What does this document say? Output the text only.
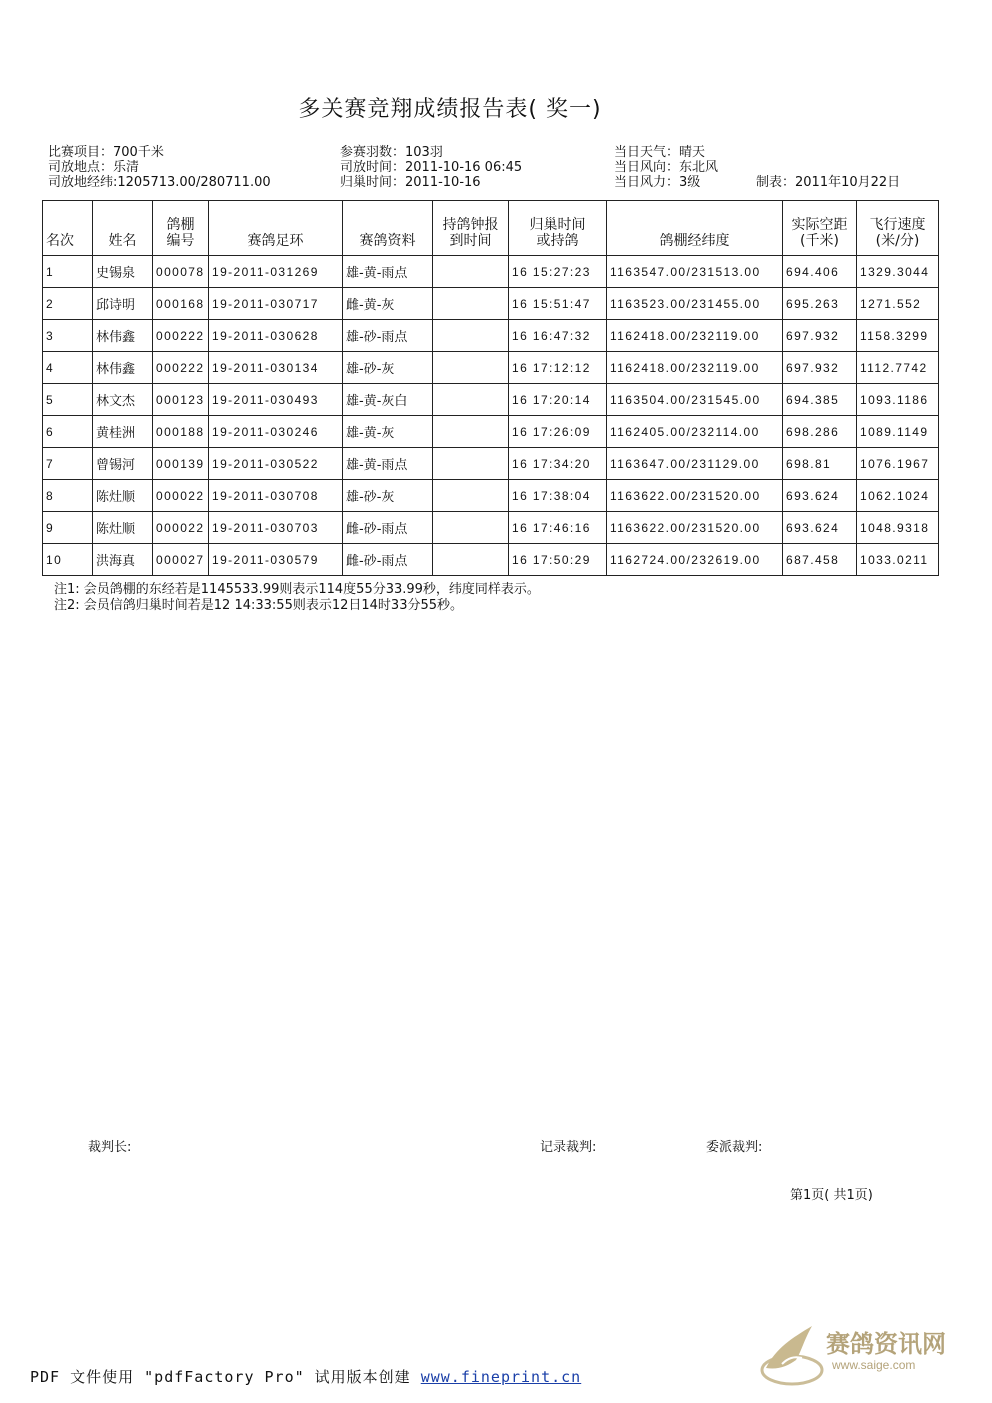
多关赛竞翔成绩报告表( 奖一)
比赛项目：700千米
司放地点：乐清
司放地经纬:1205713.00/280711.00
参赛羽数：103羽
司放时间：2011-10-16 06:45
归巢时间：2011-10-16
当日天气：晴天
当日风向：东北风
当日风力：3级	制表：2011年10月22日
名次	姓名	鸽棚编号	赛鸽足环	赛鸽资料	持鸽钟报到时间	归巢时间或持鸽	鸽棚经纬度	实际空距(千米)	飞行速度(米/分)
1	史锡泉	000078	19-2011-031269	雄-黄-雨点		16 15:27:23	1163547.00/231513.00	694.406	1329.3044
2	邱诗明	000168	19-2011-030717	雌-黄-灰		16 15:51:47	1163523.00/231455.00	695.263	1271.552
3	林伟鑫	000222	19-2011-030628	雄-砂-雨点		16 16:47:32	1162418.00/232119.00	697.932	1158.3299
4	林伟鑫	000222	19-2011-030134	雄-砂-灰		16 17:12:12	1162418.00/232119.00	697.932	1112.7742
5	林文杰	000123	19-2011-030493	雄-黄-灰白		16 17:20:14	1163504.00/231545.00	694.385	1093.1186
6	黄桂洲	000188	19-2011-030246	雄-黄-灰		16 17:26:09	1162405.00/232114.00	698.286	1089.1149
7	曾锡河	000139	19-2011-030522	雄-黄-雨点		16 17:34:20	1163647.00/231129.00	698.81	1076.1967
8	陈灶顺	000022	19-2011-030708	雄-砂-灰		16 17:38:04	1163622.00/231520.00	693.624	1062.1024
9	陈灶顺	000022	19-2011-030703	雌-砂-雨点		16 17:46:16	1163622.00/231520.00	693.624	1048.9318
10	洪海真	000027	19-2011-030579	雌-砂-雨点		16 17:50:29	1162724.00/232619.00	687.458	1033.0211
注1: 会员鸽棚的东经若是1145533.99则表示114度55分33.99秒，纬度同样表示。
注2: 会员信鸽归巢时间若是12 14:33:55则表示12日14时33分55秒。
裁判长:	记录裁判:	委派裁判:
第1页( 共1页)
PDF 文件使用 "pdfFactory Pro" 试用版本创建 www.fineprint.cn
赛鸽资讯网
www.saige.com
